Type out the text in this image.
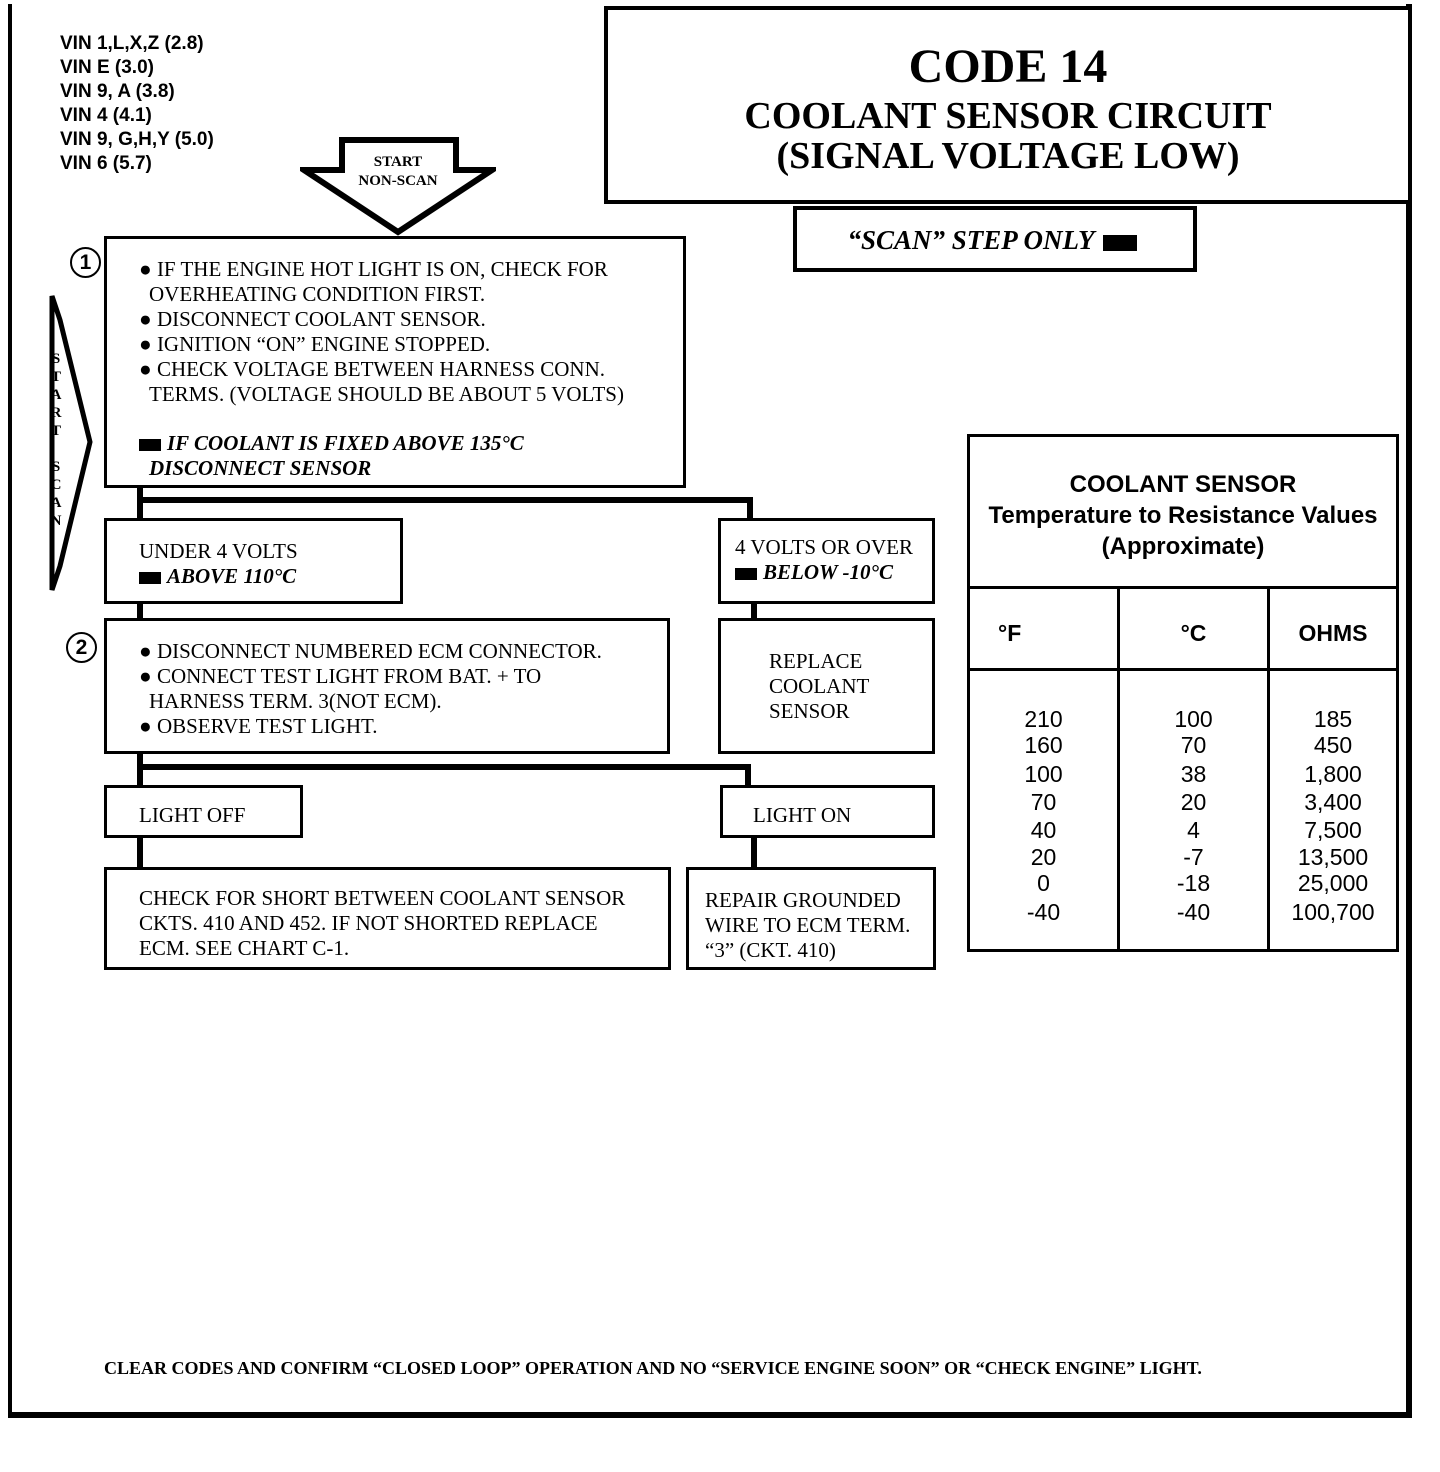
VIN 1,L,X,Z (2.8)
VIN E (3.0)
VIN 9, A (3.8)
VIN 4 (4.1)
VIN 9, G,H,Y (5.0)
VIN 6 (5.7)
CODE 14
COOLANT SENSOR CIRCUIT
(SIGNAL VOLTAGE LOW)
“SCAN” STEP ONLY
START
NON-SCAN
S
T
A
R
T
S
C
A
N
1	● IF THE ENGINE HOT LIGHT IS ON, CHECK FOR
OVERHEATING CONDITION FIRST.
● DISCONNECT COOLANT SENSOR.
● IGNITION “ON” ENGINE STOPPED.
● CHECK VOLTAGE BETWEEN HARNESS CONN.
TERMS. (VOLTAGE SHOULD BE ABOUT 5 VOLTS)
IF COOLANT IS FIXED ABOVE 135°C
DISCONNECT SENSOR
UNDER 4 VOLTS
ABOVE 110°C
4 VOLTS OR OVER
BELOW -10°C
2	● DISCONNECT NUMBERED ECM CONNECTOR.
● CONNECT TEST LIGHT FROM BAT. + TO
HARNESS TERM. 3(NOT ECM).
● OBSERVE TEST LIGHT.
REPLACE
COOLANT
SENSOR
LIGHT OFF	LIGHT ON
CHECK FOR SHORT BETWEEN COOLANT SENSOR
CKTS. 410 AND 452. IF NOT SHORTED REPLACE
ECM. SEE CHART C-1.
REPAIR GROUNDED
WIRE TO ECM TERM.
“3” (CKT. 410)
COOLANT SENSOR
Temperature to Resistance Values
(Approximate)
°F	°C	OHMS
210	100	185
160	70	450
100	38	1,800
70	20	3,400
40	4	7,500
20	-7	13,500
0	-18	25,000
-40	-40	100,700
CLEAR CODES AND CONFIRM “CLOSED LOOP” OPERATION AND NO “SERVICE ENGINE SOON” OR “CHECK ENGINE” LIGHT.
